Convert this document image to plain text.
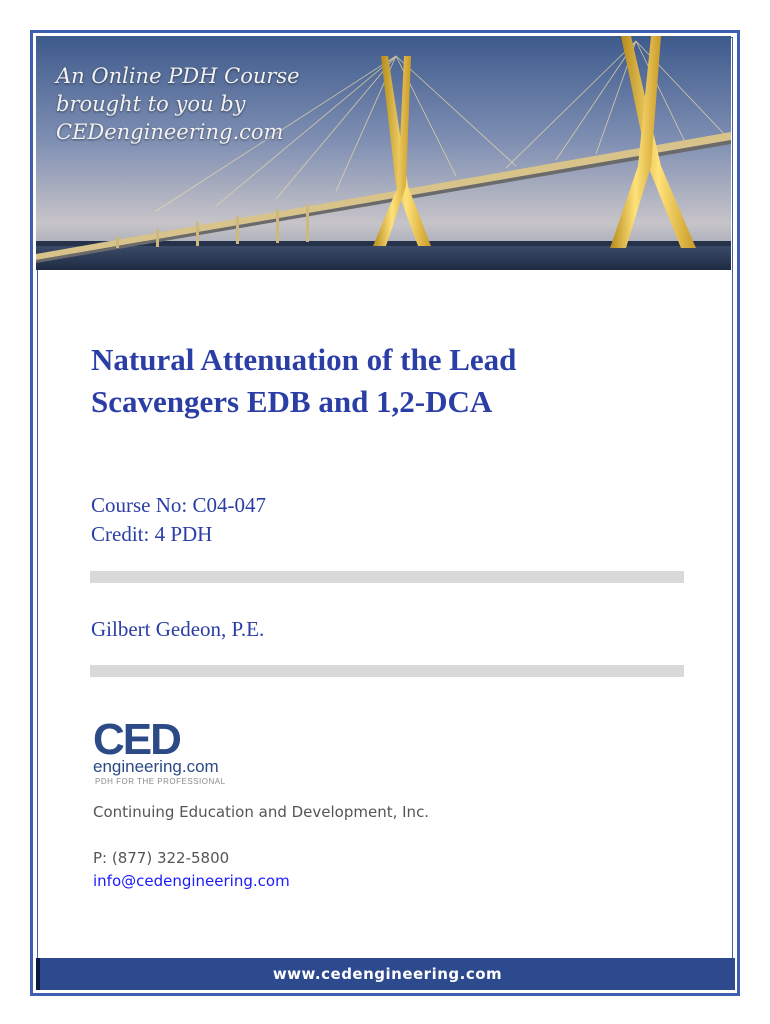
An Online PDH Course
brought to you by
CEDengineering.com
Natural Attenuation of the Lead
Scavengers EDB and 1,2-DCA
Course No: C04-047
Credit: 4 PDH
Gilbert Gedeon, P.E.
CED
engineering.com
PDH FOR THE PROFESSIONAL
Continuing Education and Development, Inc.
P: (877) 322-5800
info@cedengineering.com
www.cedengineering.com
